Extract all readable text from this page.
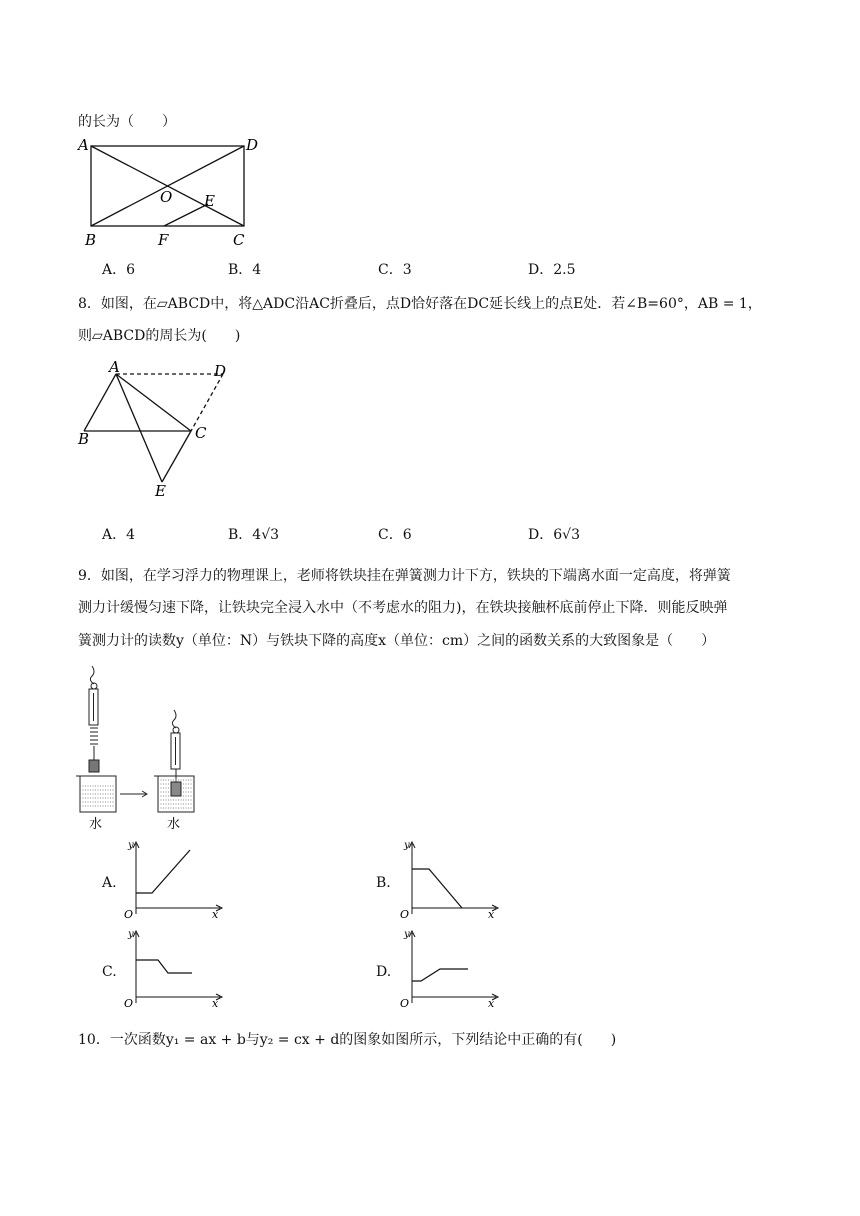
的长为（　　）
A	D
O E
B	F	C
A．6	B．4	C．3	D．2.5
8．如图，在▱ABCD中，将△ADC沿AC折叠后，点D恰好落在DC延长线上的点E处．若∠B=60°，AB = 1，
则▱ABCD的周长为(　　)
A	D
B	C
E
A．4	B．4√3	C．6	D．6√3
9．如图，在学习浮力的物理课上，老师将铁块挂在弹簧测力计下方，铁块的下端离水面一定高度，将弹簧
测力计缓慢匀速下降，让铁块完全浸入水中（不考虑水的阻力)，在铁块接触杯底前停止下降．则能反映弹
簧测力计的读数y（单位：N）与铁块下降的高度x（单位：cm）之间的函数关系的大致图象是（　　）
水	水
A.
y
x
O
B.
y
x
O
C.
y
x
O
D.
y
x
O
10．一次函数y₁ = ax + b与y₂ = cx + d的图象如图所示，下列结论中正确的有(　　)
